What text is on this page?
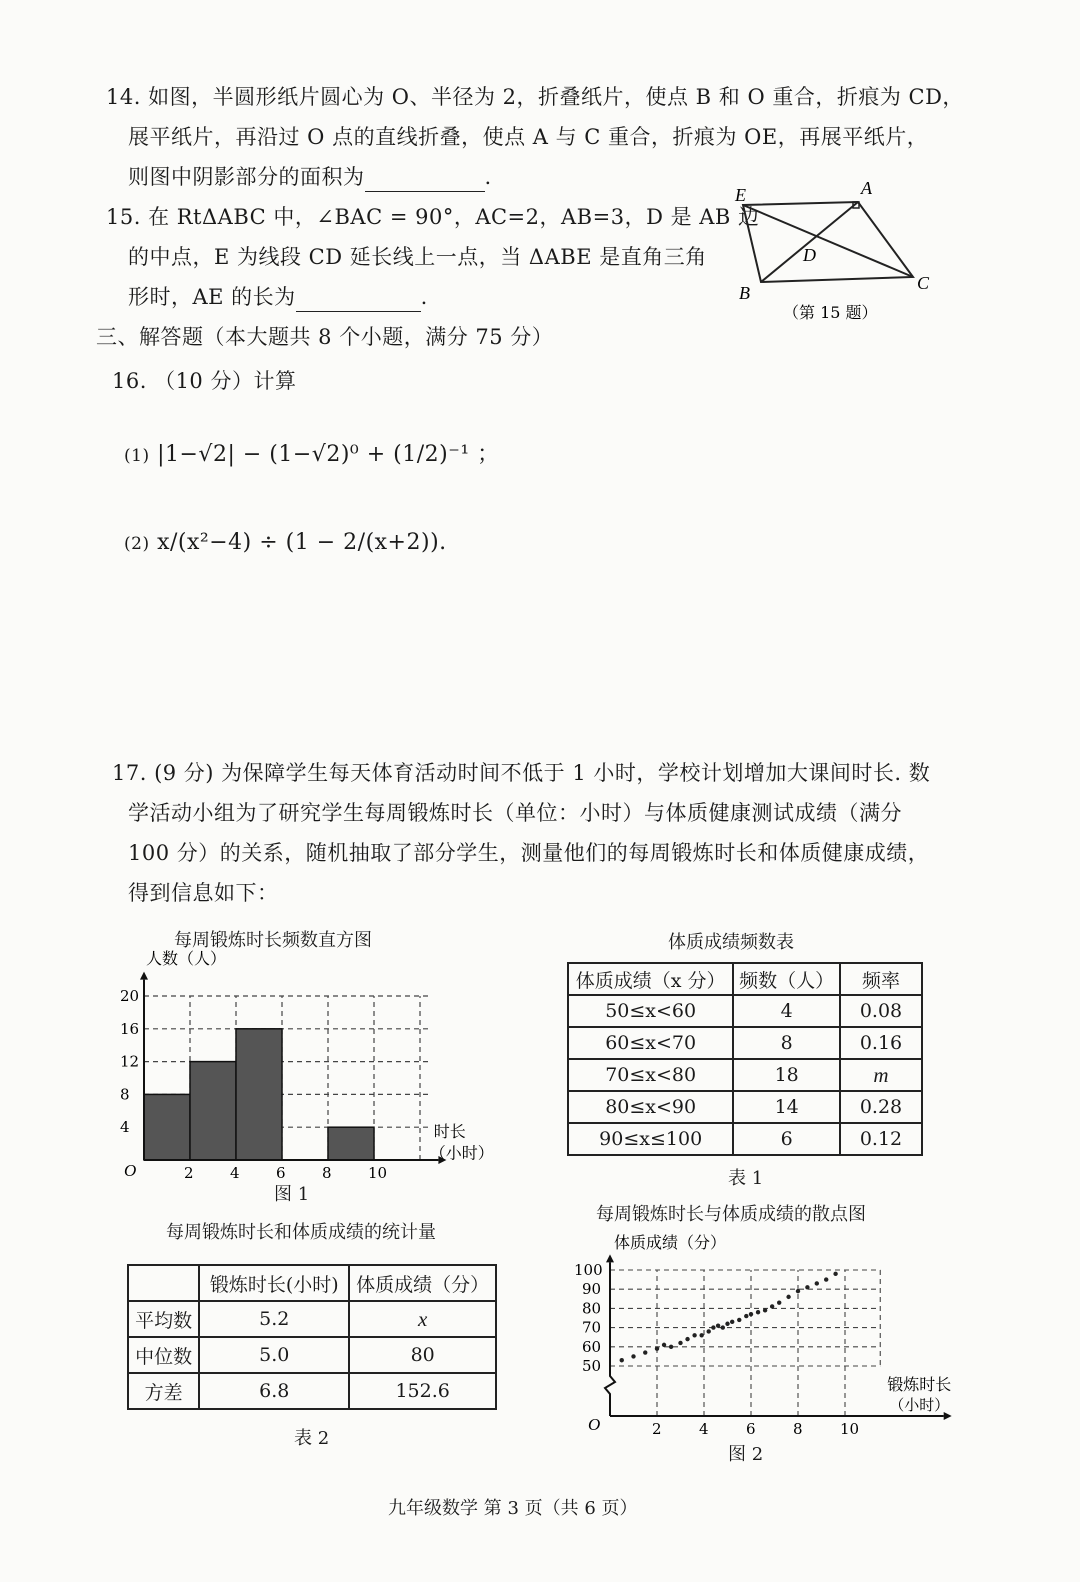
14. 如图，半圆形纸片圆心为 O、半径为 2，折叠纸片，使点 B 和 O 重合，折痕为 CD，
展平纸片，再沿过 O 点的直线折叠，使点 A 与 C 重合，折痕为 OE，再展平纸片，
则图中阴影部分的面积为	.
15. 在 RtΔABC 中，∠BAC = 90°，AC=2，AB=3，D 是 AB 边
的中点，E 为线段 CD 延长线上一点，当 ΔABE 是直角三角
形时，AE 的长为	.
E	A
D
B	C
（第 15 题）
三、解答题（本大题共 8 个小题，满分 75 分）
16. （10 分）计算
(1) |1−√2| − (1−√2)⁰ + (1/2)⁻¹ ；
(2) x/(x²−4) ÷ (1 − 2/(x+2)).
17. (9 分) 为保障学生每天体育活动时间不低于 1 小时，学校计划增加大课间时长. 数
学活动小组为了研究学生每周锻炼时长（单位：小时）与体质健康测试成绩（满分
100 分）的关系，随机抽取了部分学生，测量他们的每周锻炼时长和体质健康成绩，
得到信息如下：
每周锻炼时长频数直方图
2 4 6 8 10
4
8
12
16
20
O
人数（人）
时长
（小时）
图 1
体质成绩频数表
体质成绩（x 分）	频数（人）	频率
50≤x<60	4	0.08
60≤x<70	8	0.16
70≤x<80	18	m
80≤x<90	14	0.28
90≤x≤100	6	0.12
表 1
每周锻炼时长和体质成绩的统计量
	锻炼时长(小时)	体质成绩（分）
平均数	5.2	x
中位数	5.0	80
方差	6.8	152.6
表 2
每周锻炼时长与体质成绩的散点图
2 4 6 8 10
50
60
70
80
90
100
O
体质成绩（分）
锻炼时长
（小时）
图 2
九年级数学 第 3 页（共 6 页）
